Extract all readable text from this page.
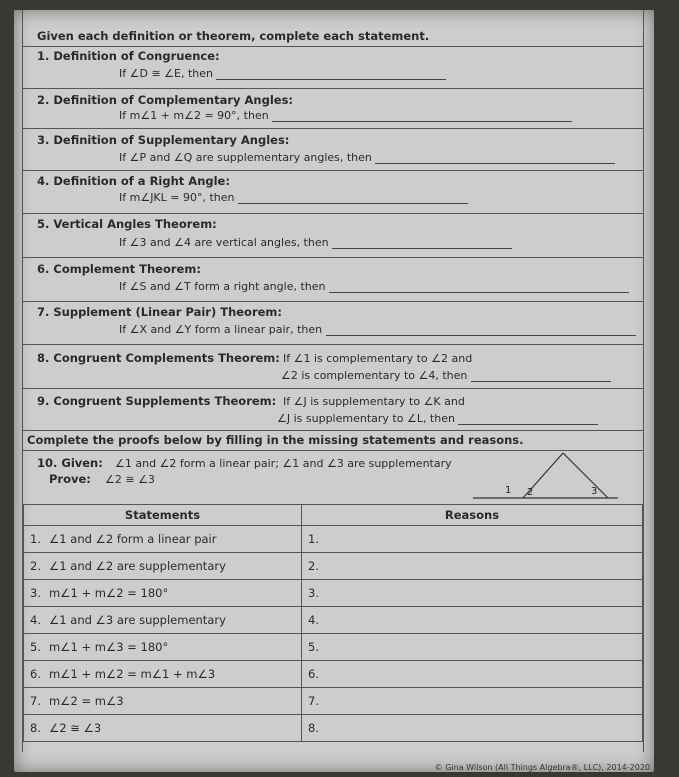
Given each definition or theorem, complete each statement.
1. Definition of Congruence:
If ∠D ≅ ∠E, then
2. Definition of Complementary Angles:
If m∠1 + m∠2 = 90°, then
3. Definition of Supplementary Angles:
If ∠P and ∠Q are supplementary angles, then
4. Definition of a Right Angle:
If m∠JKL = 90°, then
5. Vertical Angles Theorem:
If ∠3 and ∠4 are vertical angles, then
6. Complement Theorem:
If ∠S and ∠T form a right angle, then
7. Supplement (Linear Pair) Theorem:
If ∠X and ∠Y form a linear pair, then
8. Congruent Complements Theorem: If ∠1 is complementary to ∠2 and
∠2 is complementary to ∠4, then
9. Congruent Supplements Theorem: If ∠J is supplementary to ∠K and
∠J is supplementary to ∠L, then
Complete the proofs below by filling in the missing statements and reasons.
10. Given: ∠1 and ∠2 form a linear pair; ∠1 and ∠3 are supplementary
Prove: ∠2 ≅ ∠3
1 2	3
Statements	Reasons
1. ∠1 and ∠2 form a linear pair	1.
2. ∠1 and ∠2 are supplementary	2.
3. m∠1 + m∠2 = 180°	3.
4. ∠1 and ∠3 are supplementary	4.
5. m∠1 + m∠3 = 180°	5.
6. m∠1 + m∠2 = m∠1 + m∠3	6.
7. m∠2 = m∠3	7.
8. ∠2 ≅ ∠3	8.
© Gina Wilson (All Things Algebra®, LLC), 2014-2020
